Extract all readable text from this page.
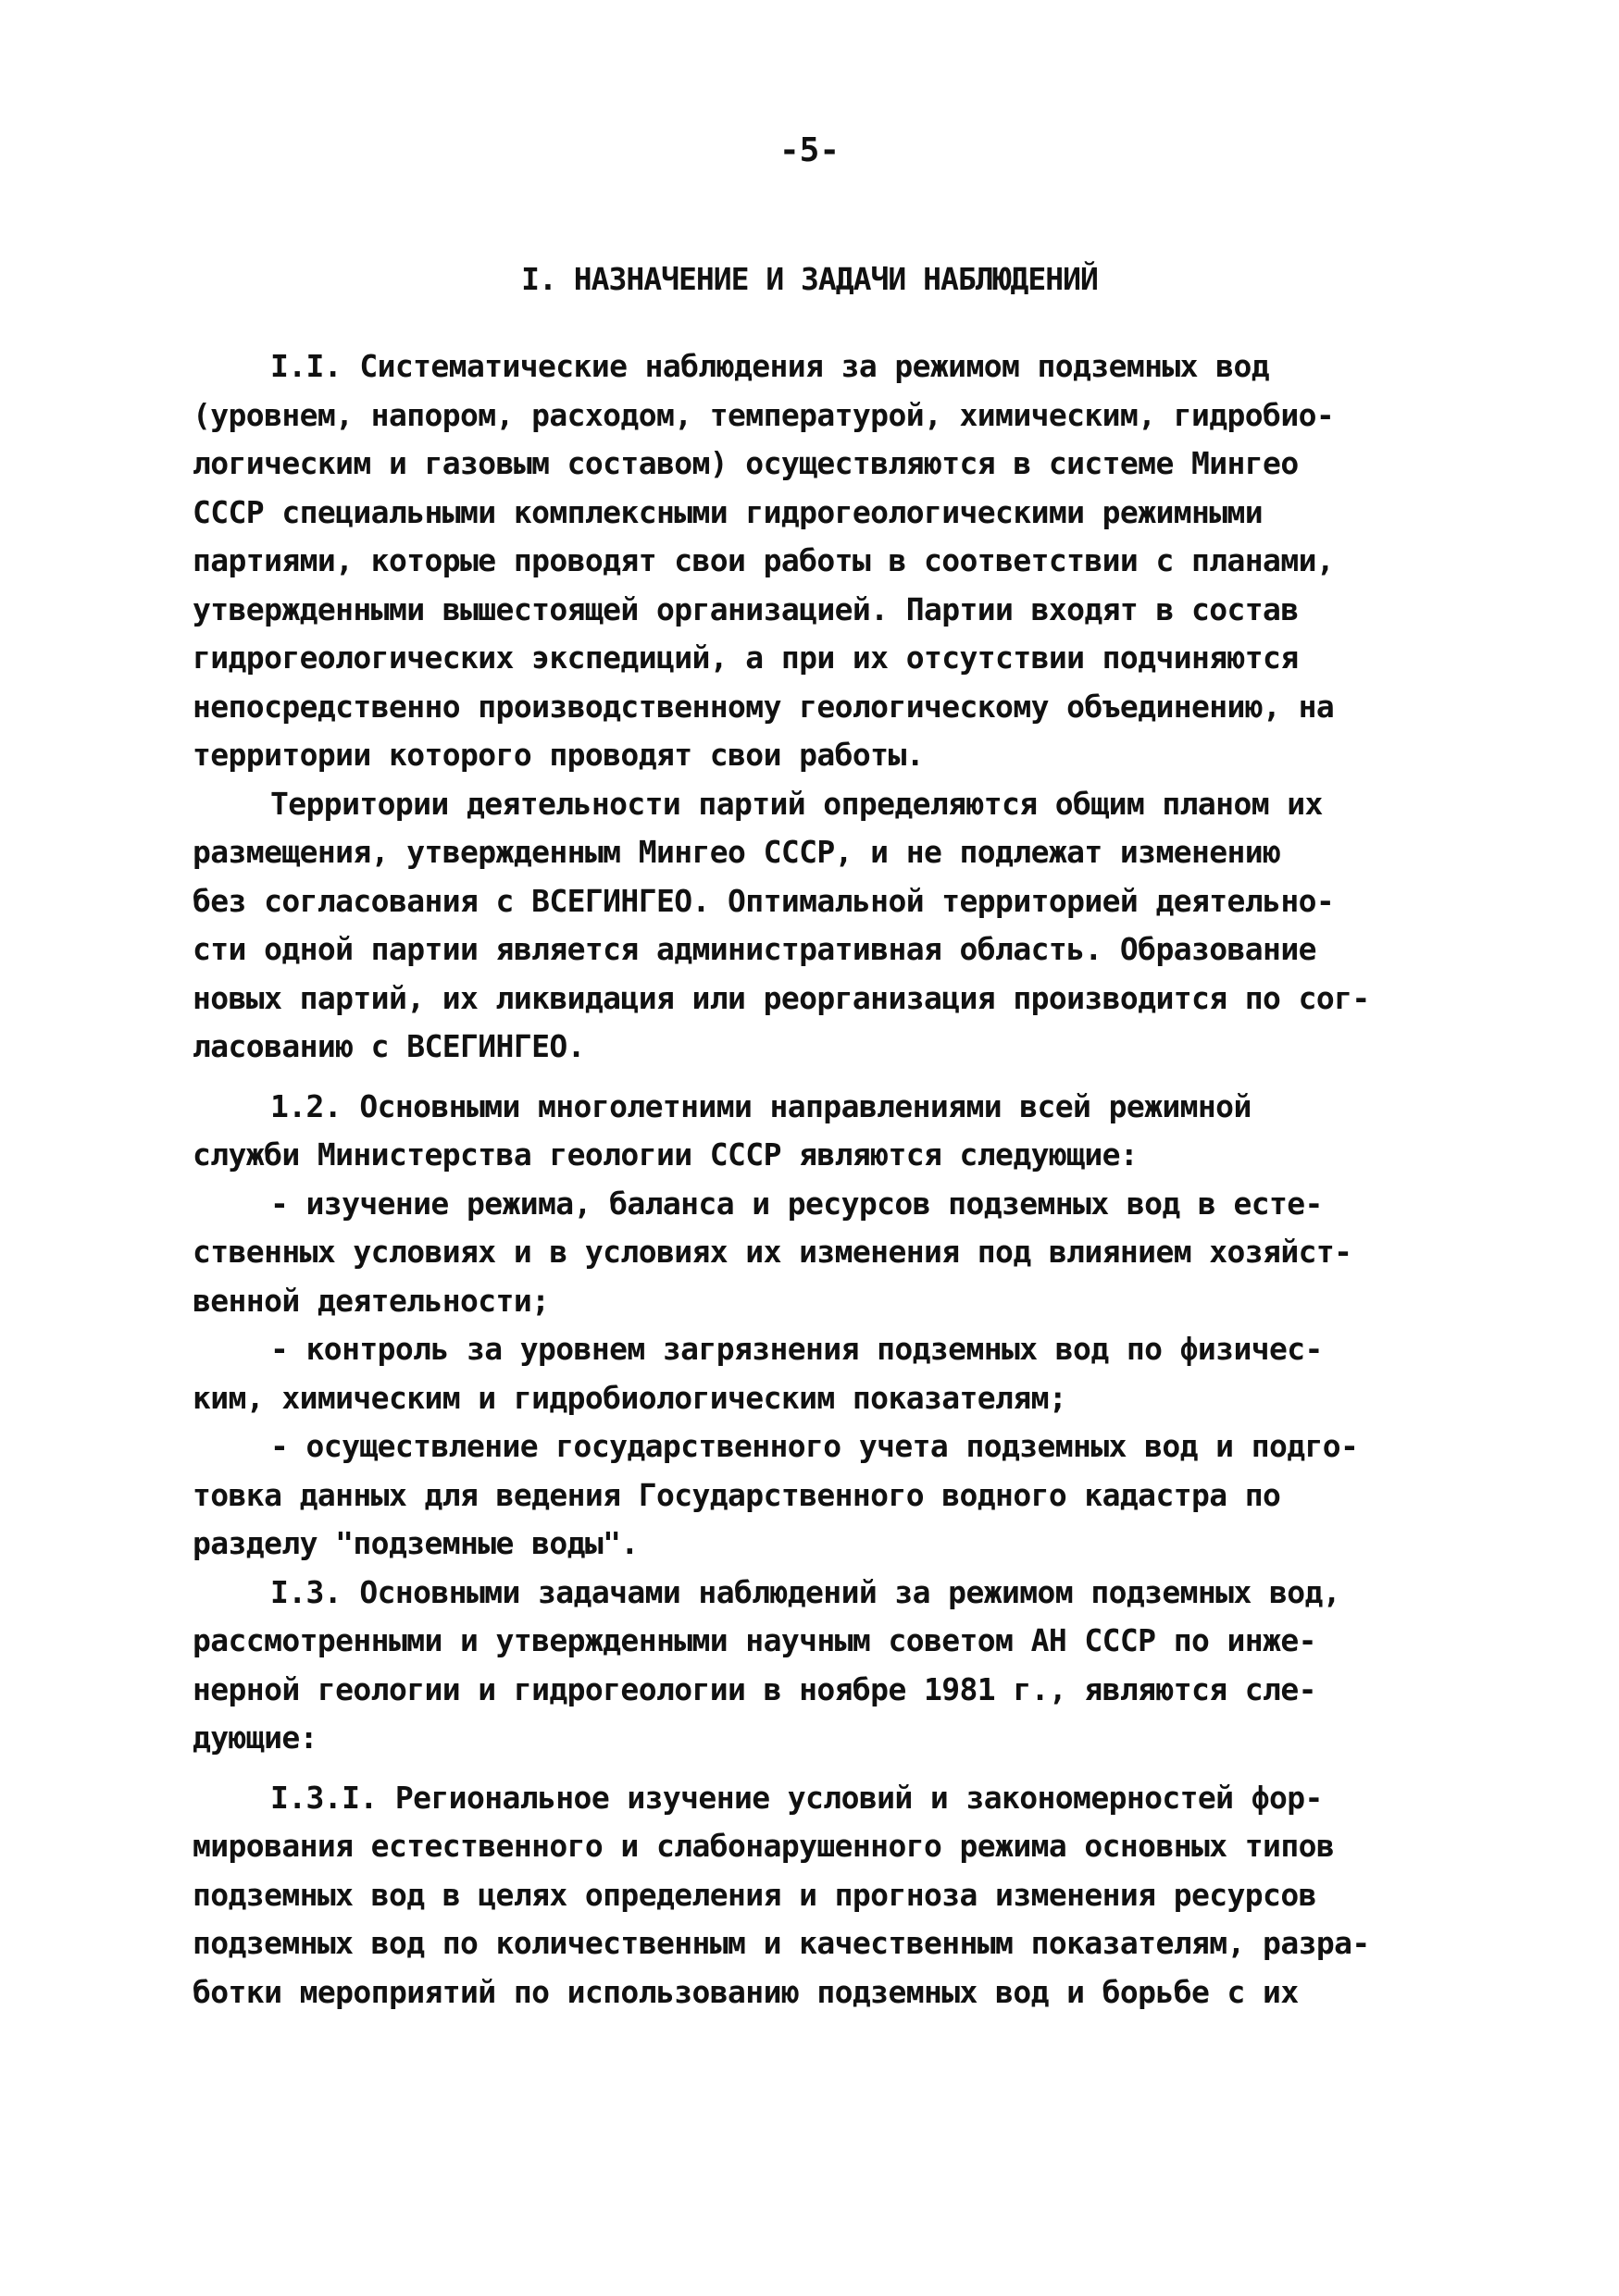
-5-
I. НАЗНАЧЕНИЕ И ЗАДАЧИ НАБЛЮДЕНИЙ
I.I. Систематические наблюдения за режимом подземных вод
(уровнем, напором, расходом, температурой, химическим, гидробио-
логическим и газовым составом) осуществляются в системе Мингео
СССР специальными комплексными гидрогеологическими режимными
партиями, которые проводят свои работы в соответствии с планами,
утвержденными вышестоящей организацией. Партии входят в состав
гидрогеологических экспедиций, а при их отсутствии подчиняются
непосредственно производственному геологическому объединению, на
территории которого проводят свои работы.
Территории деятельности партий определяются общим планом их
размещения, утвержденным Мингео СССР, и не подлежат изменению
без согласования с ВСЕГИНГЕО. Оптимальной территорией деятельно-
сти одной партии является административная область. Образование
новых партий, их ликвидация или реорганизация производится по сог-
ласованию с ВСЕГИНГЕО.
1.2. Основными многолетними направлениями всей режимной
служби Министерства геологии СССР являются следующие:
- изучение режима, баланса и ресурсов подземных вод в есте-
ственных условиях и в условиях их изменения под влиянием хозяйст-
венной деятельности;
- контроль за уровнем загрязнения подземных вод по физичес-
ким, химическим и гидробиологическим показателям;
- осуществление государственного учета подземных вод и подго-
товка данных для ведения Государственного водного кадастра по
разделу "подземные воды".
I.3. Основными задачами наблюдений за режимом подземных вод,
рассмотренными и утвержденными научным советом АН СССР по инже-
нерной геологии и гидрогеологии в ноябре 1981 г., являются сле-
дующие:
I.3.I. Региональное изучение условий и закономерностей фор-
мирования естественного и слабонарушенного режима основных типов
подземных вод в целях определения и прогноза изменения ресурсов
подземных вод по количественным и качественным показателям, разра-
ботки мероприятий по использованию подземных вод и борьбе с их
